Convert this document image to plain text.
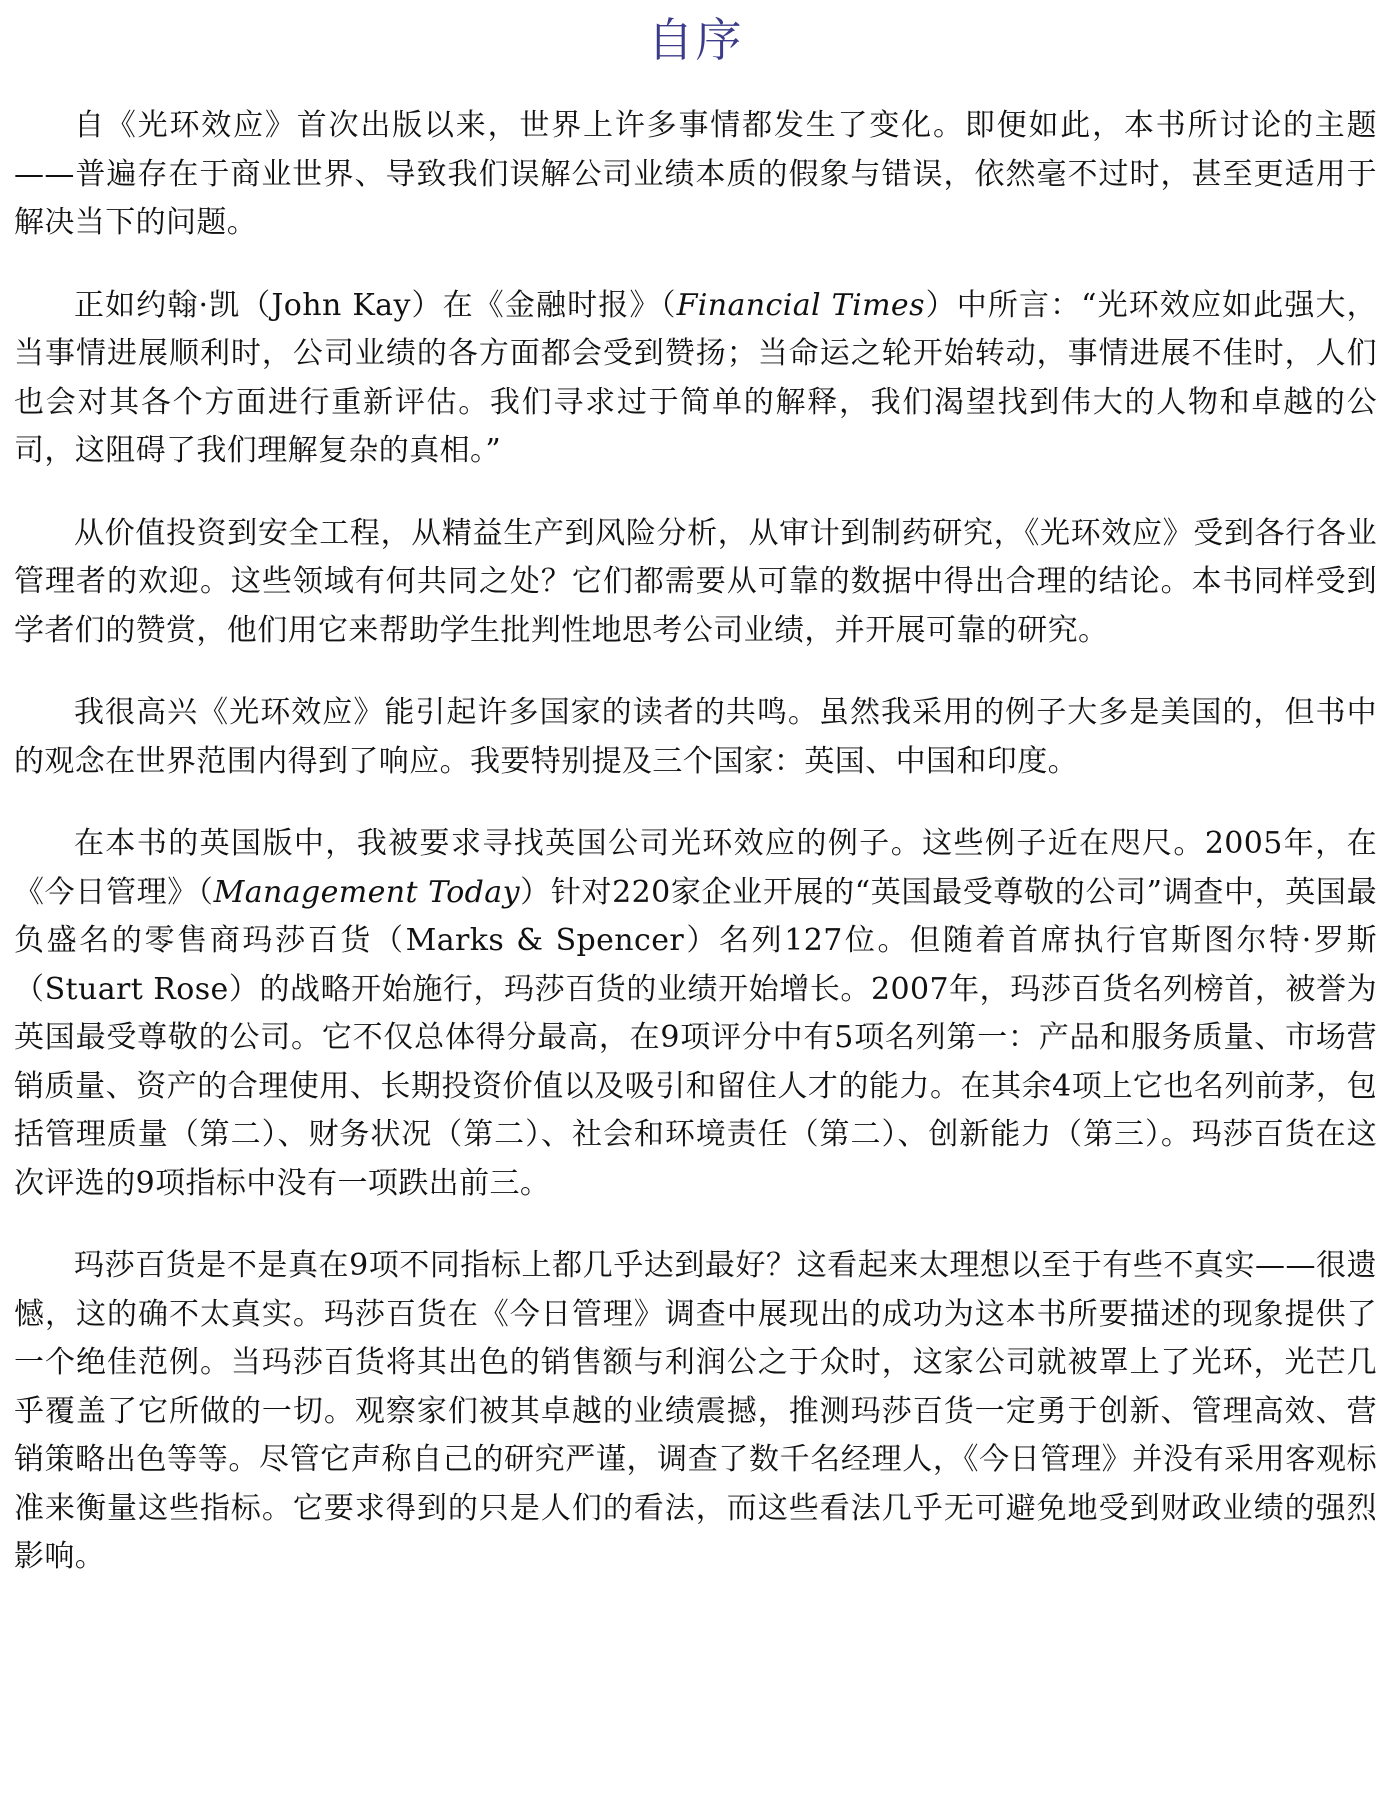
自序

自《光环效应》首次出版以来，世界上许多事情都发生了变化。即便如此，本书所讨论的主题——普遍存在于商业世界、导致我们误解公司业绩本质的假象与错误，依然毫不过时，甚至更适用于解决当下的问题。

正如约翰·凯（John Kay）在《金融时报》（Financial Times）中所言：“光环效应如此强大，当事情进展顺利时，公司业绩的各方面都会受到赞扬；当命运之轮开始转动，事情进展不佳时，人们也会对其各个方面进行重新评估。我们寻求过于简单的解释，我们渴望找到伟大的人物和卓越的公司，这阻碍了我们理解复杂的真相。”

从价值投资到安全工程，从精益生产到风险分析，从审计到制药研究，《光环效应》受到各行各业管理者的欢迎。这些领域有何共同之处？它们都需要从可靠的数据中得出合理的结论。本书同样受到学者们的赞赏，他们用它来帮助学生批判性地思考公司业绩，并开展可靠的研究。

我很高兴《光环效应》能引起许多国家的读者的共鸣。虽然我采用的例子大多是美国的，但书中的观念在世界范围内得到了响应。我要特别提及三个国家：英国、中国和印度。

在本书的英国版中，我被要求寻找英国公司光环效应的例子。这些例子近在咫尺。2005年，在《今日管理》（Management Today）针对220家企业开展的“英国最受尊敬的公司”调查中，英国最负盛名的零售商玛莎百货（Marks & Spencer）名列127位。但随着首席执行官斯图尔特·罗斯（Stuart Rose）的战略开始施行，玛莎百货的业绩开始增长。2007年，玛莎百货名列榜首，被誉为英国最受尊敬的公司。它不仅总体得分最高，在9项评分中有5项名列第一：产品和服务质量、市场营销质量、资产的合理使用、长期投资价值以及吸引和留住人才的能力。在其余4项上它也名列前茅，包括管理质量（第二）、财务状况（第二）、社会和环境责任（第二）、创新能力（第三）。玛莎百货在这次评选的9项指标中没有一项跌出前三。

玛莎百货是不是真在9项不同指标上都几乎达到最好？这看起来太理想以至于有些不真实——很遗憾，这的确不太真实。玛莎百货在《今日管理》调查中展现出的成功为这本书所要描述的现象提供了一个绝佳范例。当玛莎百货将其出色的销售额与利润公之于众时，这家公司就被罩上了光环，光芒几乎覆盖了它所做的一切。观察家们被其卓越的业绩震撼，推测玛莎百货一定勇于创新、管理高效、营销策略出色等等。尽管它声称自己的研究严谨，调查了数千名经理人，《今日管理》并没有采用客观标准来衡量这些指标。它要求得到的只是人们的看法，而这些看法几乎无可避免地受到财政业绩的强烈影响。
